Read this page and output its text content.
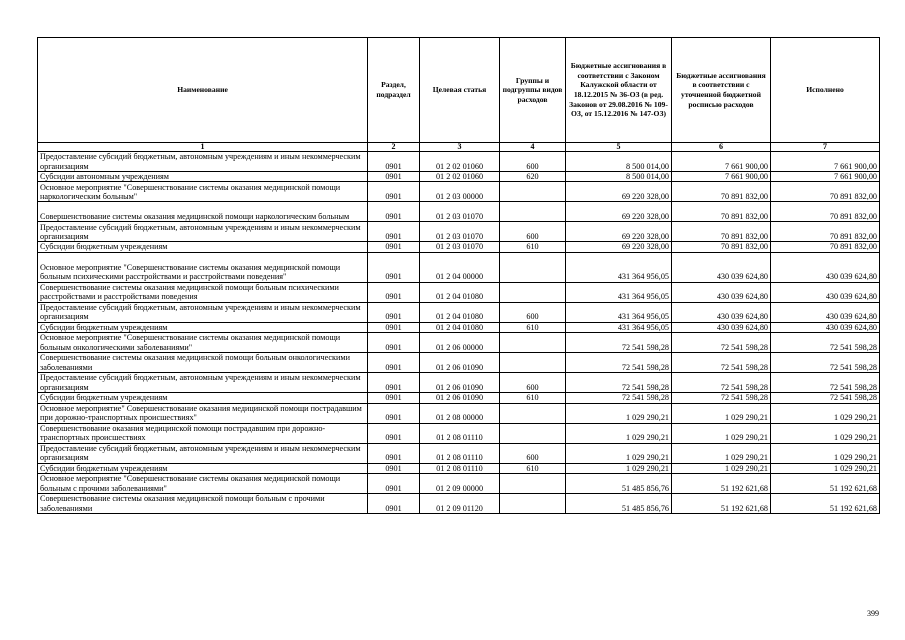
Наименование	Раздел, подраздел	Целевая статья	Группы и подгруппы видов расходов	Бюджетные ассигнования в соответствии с Законом Калужской области от 18.12.2015 № 36-ОЗ (в ред. Законов от 29.08.2016 № 109-ОЗ, от 15.12.2016 № 147-ОЗ)	Бюджетные ассигнования в соответствии с уточненной бюджетной росписью расходов	Исполнено
1	2	3	4	5	6	7
Предоставление субсидий бюджетным, автономным учреждениям и иным некоммерческим организациям	0901	01 2 02 01060	600	8 500 014,00	7 661 900,00	7 661 900,00
Субсидии автономным учреждениям	0901	01 2 02 01060	620	8 500 014,00	7 661 900,00	7 661 900,00
Основное мероприятие "Совершенствование системы оказания медицинской помощи наркологическим больным"	0901	01 2 03 00000		69 220 328,00	70 891 832,00	70 891 832,00
Совершенствование системы оказания медицинской помощи наркологическим больным	0901	01 2 03 01070		69 220 328,00	70 891 832,00	70 891 832,00
Предоставление субсидий бюджетным, автономным учреждениям и иным некоммерческим организациям	0901	01 2 03 01070	600	69 220 328,00	70 891 832,00	70 891 832,00
Субсидии бюджетным учреждениям	0901	01 2 03 01070	610	69 220 328,00	70 891 832,00	70 891 832,00
Основное мероприятие "Совершенствование системы оказания медицинской помощи больным психическими расстройствами и расстройствами поведения"	0901	01 2 04 00000		431 364 956,05	430 039 624,80	430 039 624,80
Совершенствование системы оказания медицинской помощи больным психическими расстройствами и расстройствами поведения	0901	01 2 04 01080		431 364 956,05	430 039 624,80	430 039 624,80
Предоставление субсидий бюджетным, автономным учреждениям и иным некоммерческим организациям	0901	01 2 04 01080	600	431 364 956,05	430 039 624,80	430 039 624,80
Субсидии бюджетным учреждениям	0901	01 2 04 01080	610	431 364 956,05	430 039 624,80	430 039 624,80
Основное мероприятие "Совершенствование системы оказания медицинской помощи больным онкологическими заболеваниями"	0901	01 2 06 00000		72 541 598,28	72 541 598,28	72 541 598,28
Совершенствование системы оказания медицинской помощи больным онкологическими заболеваниями	0901	01 2 06 01090		72 541 598,28	72 541 598,28	72 541 598,28
Предоставление субсидий бюджетным, автономным учреждениям и иным некоммерческим организациям	0901	01 2 06 01090	600	72 541 598,28	72 541 598,28	72 541 598,28
Субсидии бюджетным учреждениям	0901	01 2 06 01090	610	72 541 598,28	72 541 598,28	72 541 598,28
Основное мероприятие" Совершенствование оказания медицинской помощи пострадавшим при дорожно-транспортных происшествиях"	0901	01 2 08 00000		1 029 290,21	1 029 290,21	1 029 290,21
Совершенствование оказания медицинской помощи пострадавшим при дорожно-транспортных происшествиях	0901	01 2 08 01110		1 029 290,21	1 029 290,21	1 029 290,21
Предоставление субсидий бюджетным, автономным учреждениям и иным некоммерческим организациям	0901	01 2 08 01110	600	1 029 290,21	1 029 290,21	1 029 290,21
Субсидии бюджетным учреждениям	0901	01 2 08 01110	610	1 029 290,21	1 029 290,21	1 029 290,21
Основное мероприятие "Совершенствование системы оказания медицинской помощи больным с прочими заболеваниями"	0901	01 2 09 00000		51 485 856,76	51 192 621,68	51 192 621,68
Совершенствование системы оказания медицинской помощи больным с прочими заболеваниями	0901	01 2 09 01120		51 485 856,76	51 192 621,68	51 192 621,68
399
